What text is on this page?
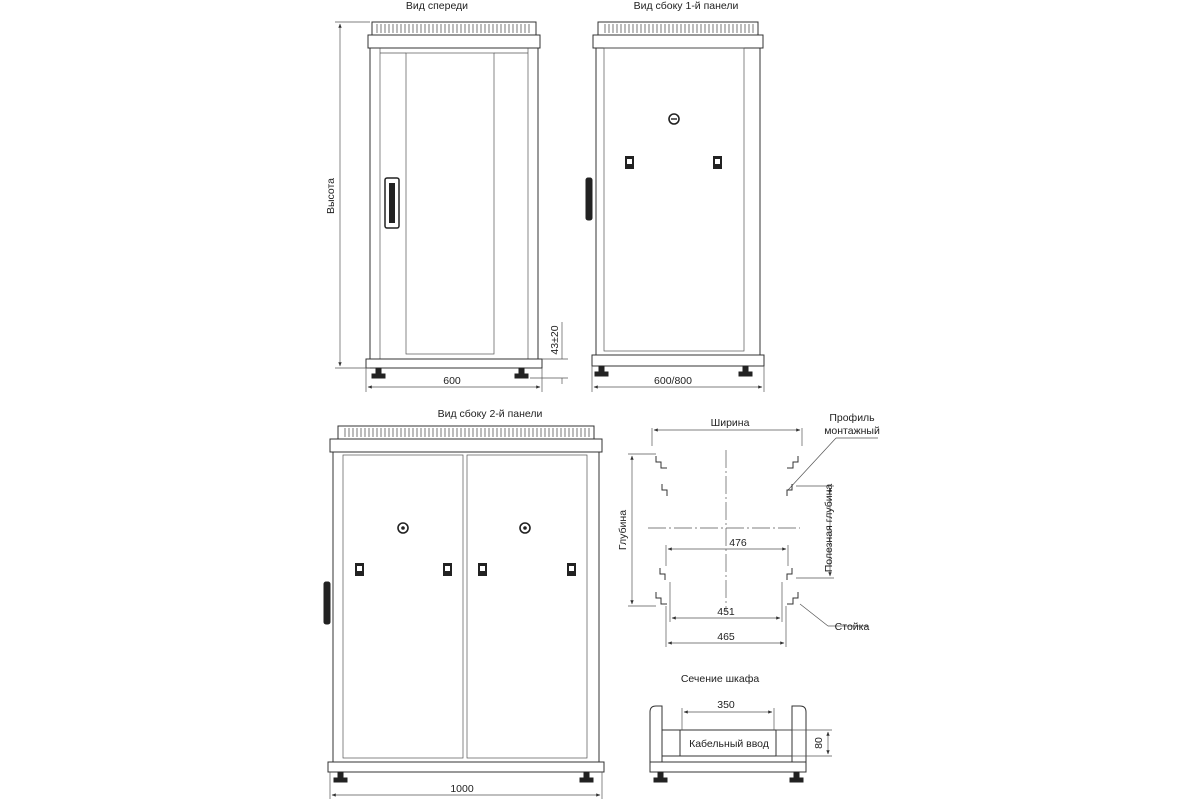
Вид спереди
Высота
43±20
600
Вид сбоку 1-й панели
600/800
Вид сбоку 2-й панели
1000
Ширина	Профиль
монтажный
Стойка
Глубина	Полезная глубина
476
451
465
Сечение шкафа
Кабельный ввод
350
80
